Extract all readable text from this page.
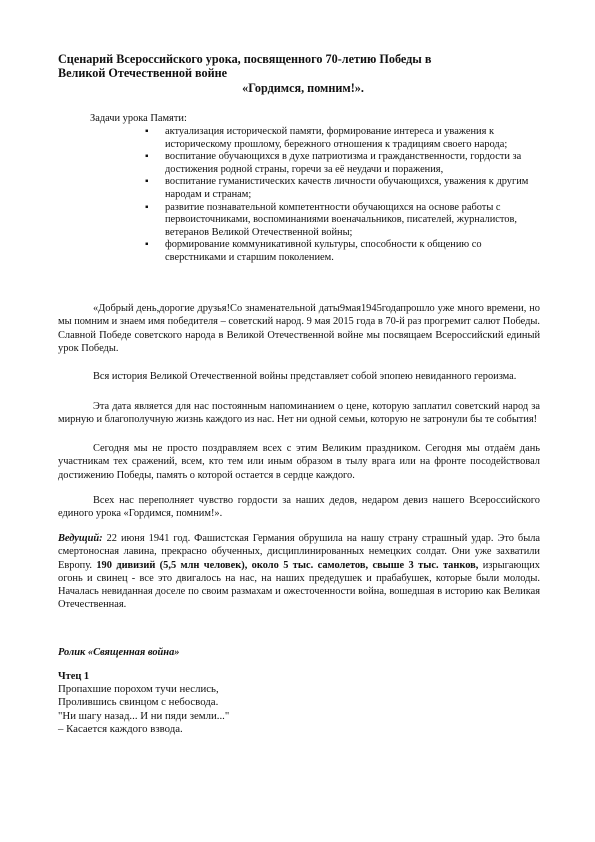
Сценарий Всероссийского урока, посвященного 70-летию Победы в
Великой Отечественной войне
«Гордимся, помним!».
Задачи урока Памяти:
▪ актуализация исторической памяти, формирование интереса и уважения к историческому прошлому, бережного отношения к традициям своего народа;
▪ воспитание обучающихся в духе патриотизма и гражданственности, гордости за достижения родной страны, горечи за её неудачи и поражения,
▪ воспитание гуманистических качеств личности обучающихся, уважения к другим народам и странам;
▪ развитие познавательной компетентности обучающихся на основе работы с первоисточниками, воспоминаниями военачальников, писателей, журналистов, ветеранов Великой Отечественной войны;
▪ формирование коммуникативной культуры, способности к общению со сверстниками и старшим поколением.

«Добрый день,дорогие друзья!Со знаменательной даты9мая1945годапрошло уже много времени, но мы помним и знаем имя победителя – советский народ. 9 мая 2015 года в 70-й раз прогремит салют Победы. Славной Победе советского народа в Великой Отечественной войне мы посвящаем Всероссийский единый урок Победы.

Вся история Великой Отечественной войны представляет собой эпопею невиданного героизма.

Эта дата является для нас постоянным напоминанием о цене, которую заплатил советский народ за мирную и благополучную жизнь каждого из нас. Нет ни одной семьи, которую не затронули бы те события!

Сегодня мы не просто поздравляем всех с этим Великим праздником. Сегодня мы отдаём дань участникам тех сражений, всем, кто тем или иным образом в тылу врага или на фронте посодействовал достижению Победы, память о которой остается в сердце каждого.

Всех нас переполняет чувство гордости за наших дедов, недаром девиз нашего Всероссийского единого урока «Гордимся, помним!».

Ведущий: 22 июня 1941 год. Фашистская Германия обрушила на нашу страну страшный удар. Это была смертоносная лавина, прекрасно обученных, дисциплинированных немецких солдат. Они уже захватили Европу. 190 дивизий (5,5 млн человек), около 5 тыс. самолетов, свыше 3 тыс. танков, изрыгающих огонь и свинец - все это двигалось на нас, на наших предедушек и прабабушек, которые были молоды. Началась невиданная доселе по своим размахам и ожесточенности война, вошедшая в историю как Великая Отечественная.

Ролик «Священная война»

Чтец 1

Пропахшие порохом тучи неслись,
Пролившись свинцом с небосвода.
"Ни шагу назад... И ни пяди земли..."
– Касается каждого взвода.
